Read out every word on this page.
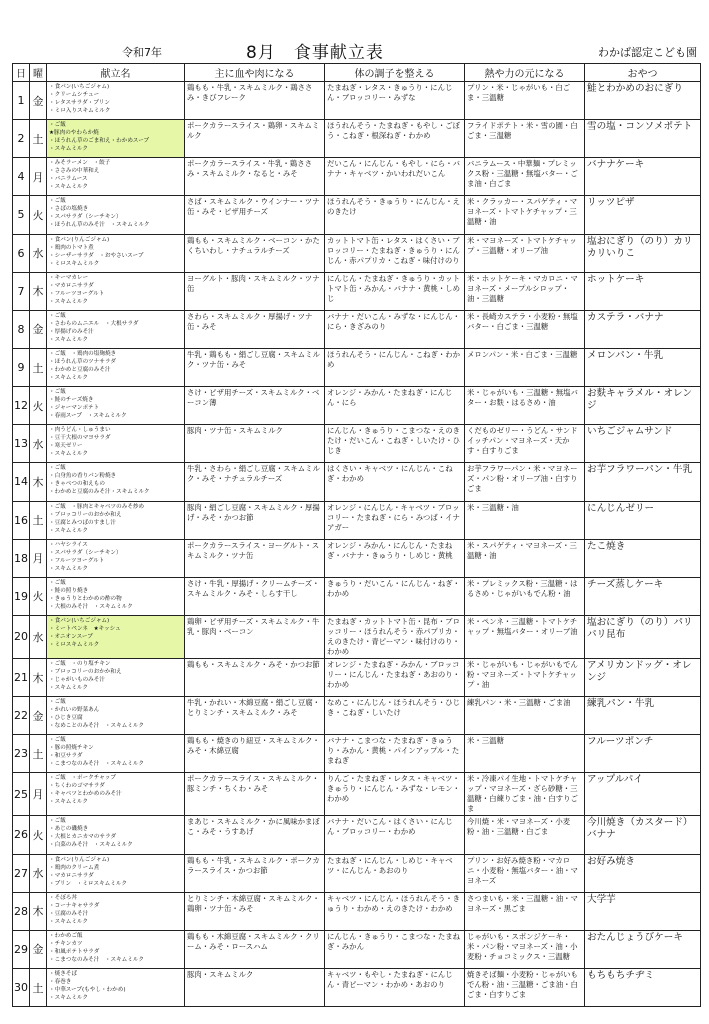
令和7年	8月　食事献立表	わかば認定こども園
日	曜	献立名	主に血や肉になる	体の調子を整える	熱や力の元になる	おやつ
1	金	・食パン(いちごジャム)
・クリームシチュー
・レタスサラダ・プリン
・ミロ入りスキムミルク	鶏もも・牛乳・スキムミルク・鶏ささみ・きびフレーク	たまねぎ・レタス・きゅうり・にんじん・ブロッコリー・みずな	プリン・米・じゃがいも・白ごま・三温糖	鮭とわかめのおにぎり
2	土	・ご飯
★豚肉のやわらか焼
・ほうれん草のごま和え・わかめスープ
・スキムミルク	ポークカラースライス・鶏卵・スキムミルク	ほうれんそう・たまねぎ・もやし・ごぼう・こねぎ・根深ねぎ・わかめ	フライドポテト・米・雪の園・白ごま・三温糖	雪の塩・コンソメポテト
4	月	・みそラーメン　・餃子
・ささみの中華和え
・バニラムース
・スキムミルク	ポークカラースライス・牛乳・鶏ささみ・スキムミルク・なると・みそ	だいこん・にんじん・もやし・にら・バナナ・キャベツ・かいわれだいこん	バニラムース・中華麺・プレミックス粉・三温糖・無塩バター・ごま油・白ごま	バナナケーキ
5	火	・ご飯
・さばの塩焼き
・スパサラダ（シーチキン）
・ほうれん草のみそ汁　・スキムミルク	さば・スキムミルク・ウインナー・ツナ缶・みそ・ピザ用チーズ	ほうれんそう・きゅうり・にんじん・えのきたけ	米・クラッカー・スパゲティ・マヨネーズ・トマトケチャップ・三温糖・油	リッツピザ
6	水	・食パン(りんごジャム)
・鶏肉のトマト煮
・シーザーサラダ　・おやさいスープ
・ミロスキムミルク	鶏もも・スキムミルク・ベーコン・かたくちいわし・ナチュラルチーズ	カットトマト缶・レタス・はくさい・ブロッコリー・たまねぎ・きゅうり・にんじん・赤パプリカ・こねぎ・味付けのり	米・マヨネーズ・トマトケチャップ・三温糖・オリーブ油	塩おにぎり（のり）カリカリいりこ
7	木	・キーマカレー
・マカロニサラダ
・フルーツヨーグルト
・スキムミルク	ヨーグルト・豚肉・スキムミルク・ツナ缶	にんじん・たまねぎ・きゅうり・カットトマト缶・みかん・バナナ・黄桃・しめじ	米・ホットケーキ・マカロニ・マヨネーズ・メープルシロップ・油・三温糖	ホットケーキ
8	金	・ご飯
・さわらのムニエル　・大根サラダ
・厚揚げのみそ汁
・スキムミルク	さわら・スキムミルク・厚揚げ・ツナ缶・みそ	バナナ・だいこん・みずな・にんじん・にら・きざみのり	米・長崎カステラ・小麦粉・無塩バター・白ごま・三温糖	カステラ・バナナ
9	土	・ご飯　・鶏肉の塩麹焼き
・ほうれん草のツナサラダ
・わかめと豆腐のみそ汁
・スキムミルク	牛乳・鶏もも・絹ごし豆腐・スキムミルク・ツナ缶・みそ	ほうれんそう・にんじん・こねぎ・わかめ	メロンパン・米・白ごま・三温糖	メロンパン・牛乳
12	火	・ご飯
・鮭のチーズ焼き
・ジャーマンポテト
・春雨スープ　・スキムミルク	さけ・ピザ用チーズ・スキムミルク・ベーコン薄	オレンジ・みかん・たまねぎ・にんじん・にら	米・じゃがいも・三温糖・無塩バター・お麩・はるさめ・油	お麩キャラメル・オレンジ
13	水	・肉うどん・しゅうまい
・豆干大根のマヨサラダ
・寒天ゼリー
・スキムミルク	豚肉・ツナ缶・スキムミルク	にんじん・きゅうり・こまつな・えのきたけ・だいこん・こねぎ・しいたけ・ひじき	くだものゼリー・うどん・サンドイッチパン・マヨネーズ・天かす・白すりごま	いちごジャムサンド
14	木	・ご飯
・白身魚の香りパン粉焼き
・きゃべつの和えもの
・わかめと豆腐のみそ汁・スキムミルク	牛乳・さわら・絹ごし豆腐・スキムミルク・みそ・ナチュラルチーズ	はくさい・キャベツ・にんじん・こねぎ・わかめ	お芋フラワーパン・米・マヨネーズ・パン粉・オリーブ油・白すりごま	お芋フラワーパン・牛乳
16	土	・ご飯　・豚肉とキャベツのみそ炒め
・ブロッコリーのおかか和え
・豆腐とみつばのすまし汁
・スキムミルク	豚肉・絹ごし豆腐・スキムミルク・厚揚げ・みそ・かつお節	オレンジ・にんじん・キャベツ・ブロッコリー・たまねぎ・にら・みつば・イナアガー	米・三温糖・油	にんじんゼリー
18	月	・ハヤシライス
・スパサラダ（シーチキン）
・フルーツヨーグルト
・スキムミルク	ポークカラースライス・ヨーグルト・スキムミルク・ツナ缶	オレンジ・みかん・にんじん・たまねぎ・バナナ・きゅうり・しめじ・黄桃	米・スパゲティ・マヨネーズ・三温糖・油	たこ焼き
19	火	・ご飯
・鮭の照り焼き
・きゅうりとわかめの酢の物
・大根のみそ汁　・スキムミルク	さけ・牛乳・厚揚げ・クリームチーズ・スキムミルク・みそ・しらす干し	きゅうり・だいこん・にんじん・ねぎ・わかめ	米・プレミックス粉・三温糖・はるさめ・じゃがいもでん粉・油	チーズ蒸しケーキ
20	水	・食パン(いちごジャム)
・ミートペンネ　★キッシュ
・オニオンスープ
・ミロスキムミルク	鶏卵・ピザ用チーズ・スキムミルク・牛乳・豚肉・ベーコン	たまねぎ・カットトマト缶・昆布・ブロッコリー・ほうれんそう・赤パプリカ・えのきたけ・青ピーマン・味付けのり・わかめ	米・ペンネ・三温糖・トマトケチャップ・無塩バター・オリーブ油	塩おにぎり（のり）パリパリ昆布
21	木	・ご飯　・のり塩チキン
・ブロッコリーのおかか和え
・じゃがいものみそ汁
・スキムミルク	鶏もも・スキムミルク・みそ・かつお節	オレンジ・たまねぎ・みかん・ブロッコリー・にんじん・たまねぎ・あおのり・わかめ	米・じゃがいも・じゃがいもでん粉・マヨネーズ・トマトケチャップ・油	アメリカンドッグ・オレンジ
22	金	・ご飯
・かれいの野菜あん
・ひじき豆腐
・なめことのみそ汁　・スキムミルク	牛乳・かれい・木綿豆腐・絹ごし豆腐・とりミンチ・スキムミルク・みそ	なめこ・にんじん・ほうれんそう・ひじき・こねぎ・しいたけ	練乳パン・米・三温糖・ごま油	練乳パン・牛乳
23	土	・ご飯
・豚の照焼チキン
・和豆サラダ
・こまつなのみそ汁　・スキムミルク	鶏もも・焼きのり紐豆・スキムミルク・みそ・木綿豆腐	バナナ・こまつな・たまねぎ・きゅうり・みかん・黄桃・パインアップル・たまねぎ	米・三温糖	フルーツポンチ
25	月	・ご飯　・ポークチャップ
・ちくわのゴマサラダ
・キャベツとわかめのみそ汁
・スキムミルク	ポークカラースライス・スキムミルク・豚ミンチ・ちくわ・みそ	りんご・たまねぎ・レタス・キャベツ・きゅうり・にんじん・みずな・レモン・わかめ	米・冷凍パイ生地・トマトケチャップ・マヨネーズ・ざら砂糖・三温糖・白練りごま・油・白すりごま	アップルパイ
26	火	・ご飯
・あじの磯焼き
・大根とカニカマのサラダ
・白菜のみそ汁　・スキムミルク	まあじ・スキムミルク・かに風味かまぼこ・みそ・うすあげ	バナナ・だいこん・はくさい・にんじん・ブロッコリー・わかめ	今川焼・米・マヨネーズ・小麦粉・油・三温糖・白ごま	今川焼き（カスタード）バナナ
27	水	・食パン(りんごジャム)
・鶏肉のクリーム煮
・マカロニサラダ
・プリン　・ミロスキムミルク	鶏もも・牛乳・スキムミルク・ポークカラースライス・かつお節	たまねぎ・にんじん・しめじ・キャベツ・にんじん・あおのり	プリン・お好み焼き粉・マカロニ・小麦粉・無塩バター・油・マヨネーズ	お好み焼き
28	木	・そぼろ丼
・コーナキャサラダ
・豆腐のみそ汁
・スキムミルク	とりミンチ・木綿豆腐・スキムミルク・鶏卵・ツナ缶・みそ	キャベツ・にんじん・ほうれんそう・きゅうり・わかめ・えのきたけ・わかめ	さつまいも・米・三温糖・油・マヨネーズ・黒ごま	大学芋
29	金	・わかめご飯
・チキンカツ
・和風ポテトサラダ
・こまつなのみそ汁　・スキムミルク	鶏もも・木綿豆腐・スキムミルク・クリーム・みそ・ロースハム	にんじん・きゅうり・こまつな・たまねぎ・みかん	じゃがいも・スポンジケーキ・米・パン粉・マヨネーズ・油・小麦粉・チョコミックス・三温糖	おたんじょうびケーキ
30	土	・焼きそば
・春巻き
・中華スープ(もやし・わかめ)
・スキムミルク	豚肉・スキムミルク	キャベツ・もやし・たまねぎ・にんじん・青ピーマン・わかめ・あおのり	焼きそば麺・小麦粉・じゃがいもでん粉・油・三温糖・ごま油・白ごま・白すりごま	もちもちチヂミ
